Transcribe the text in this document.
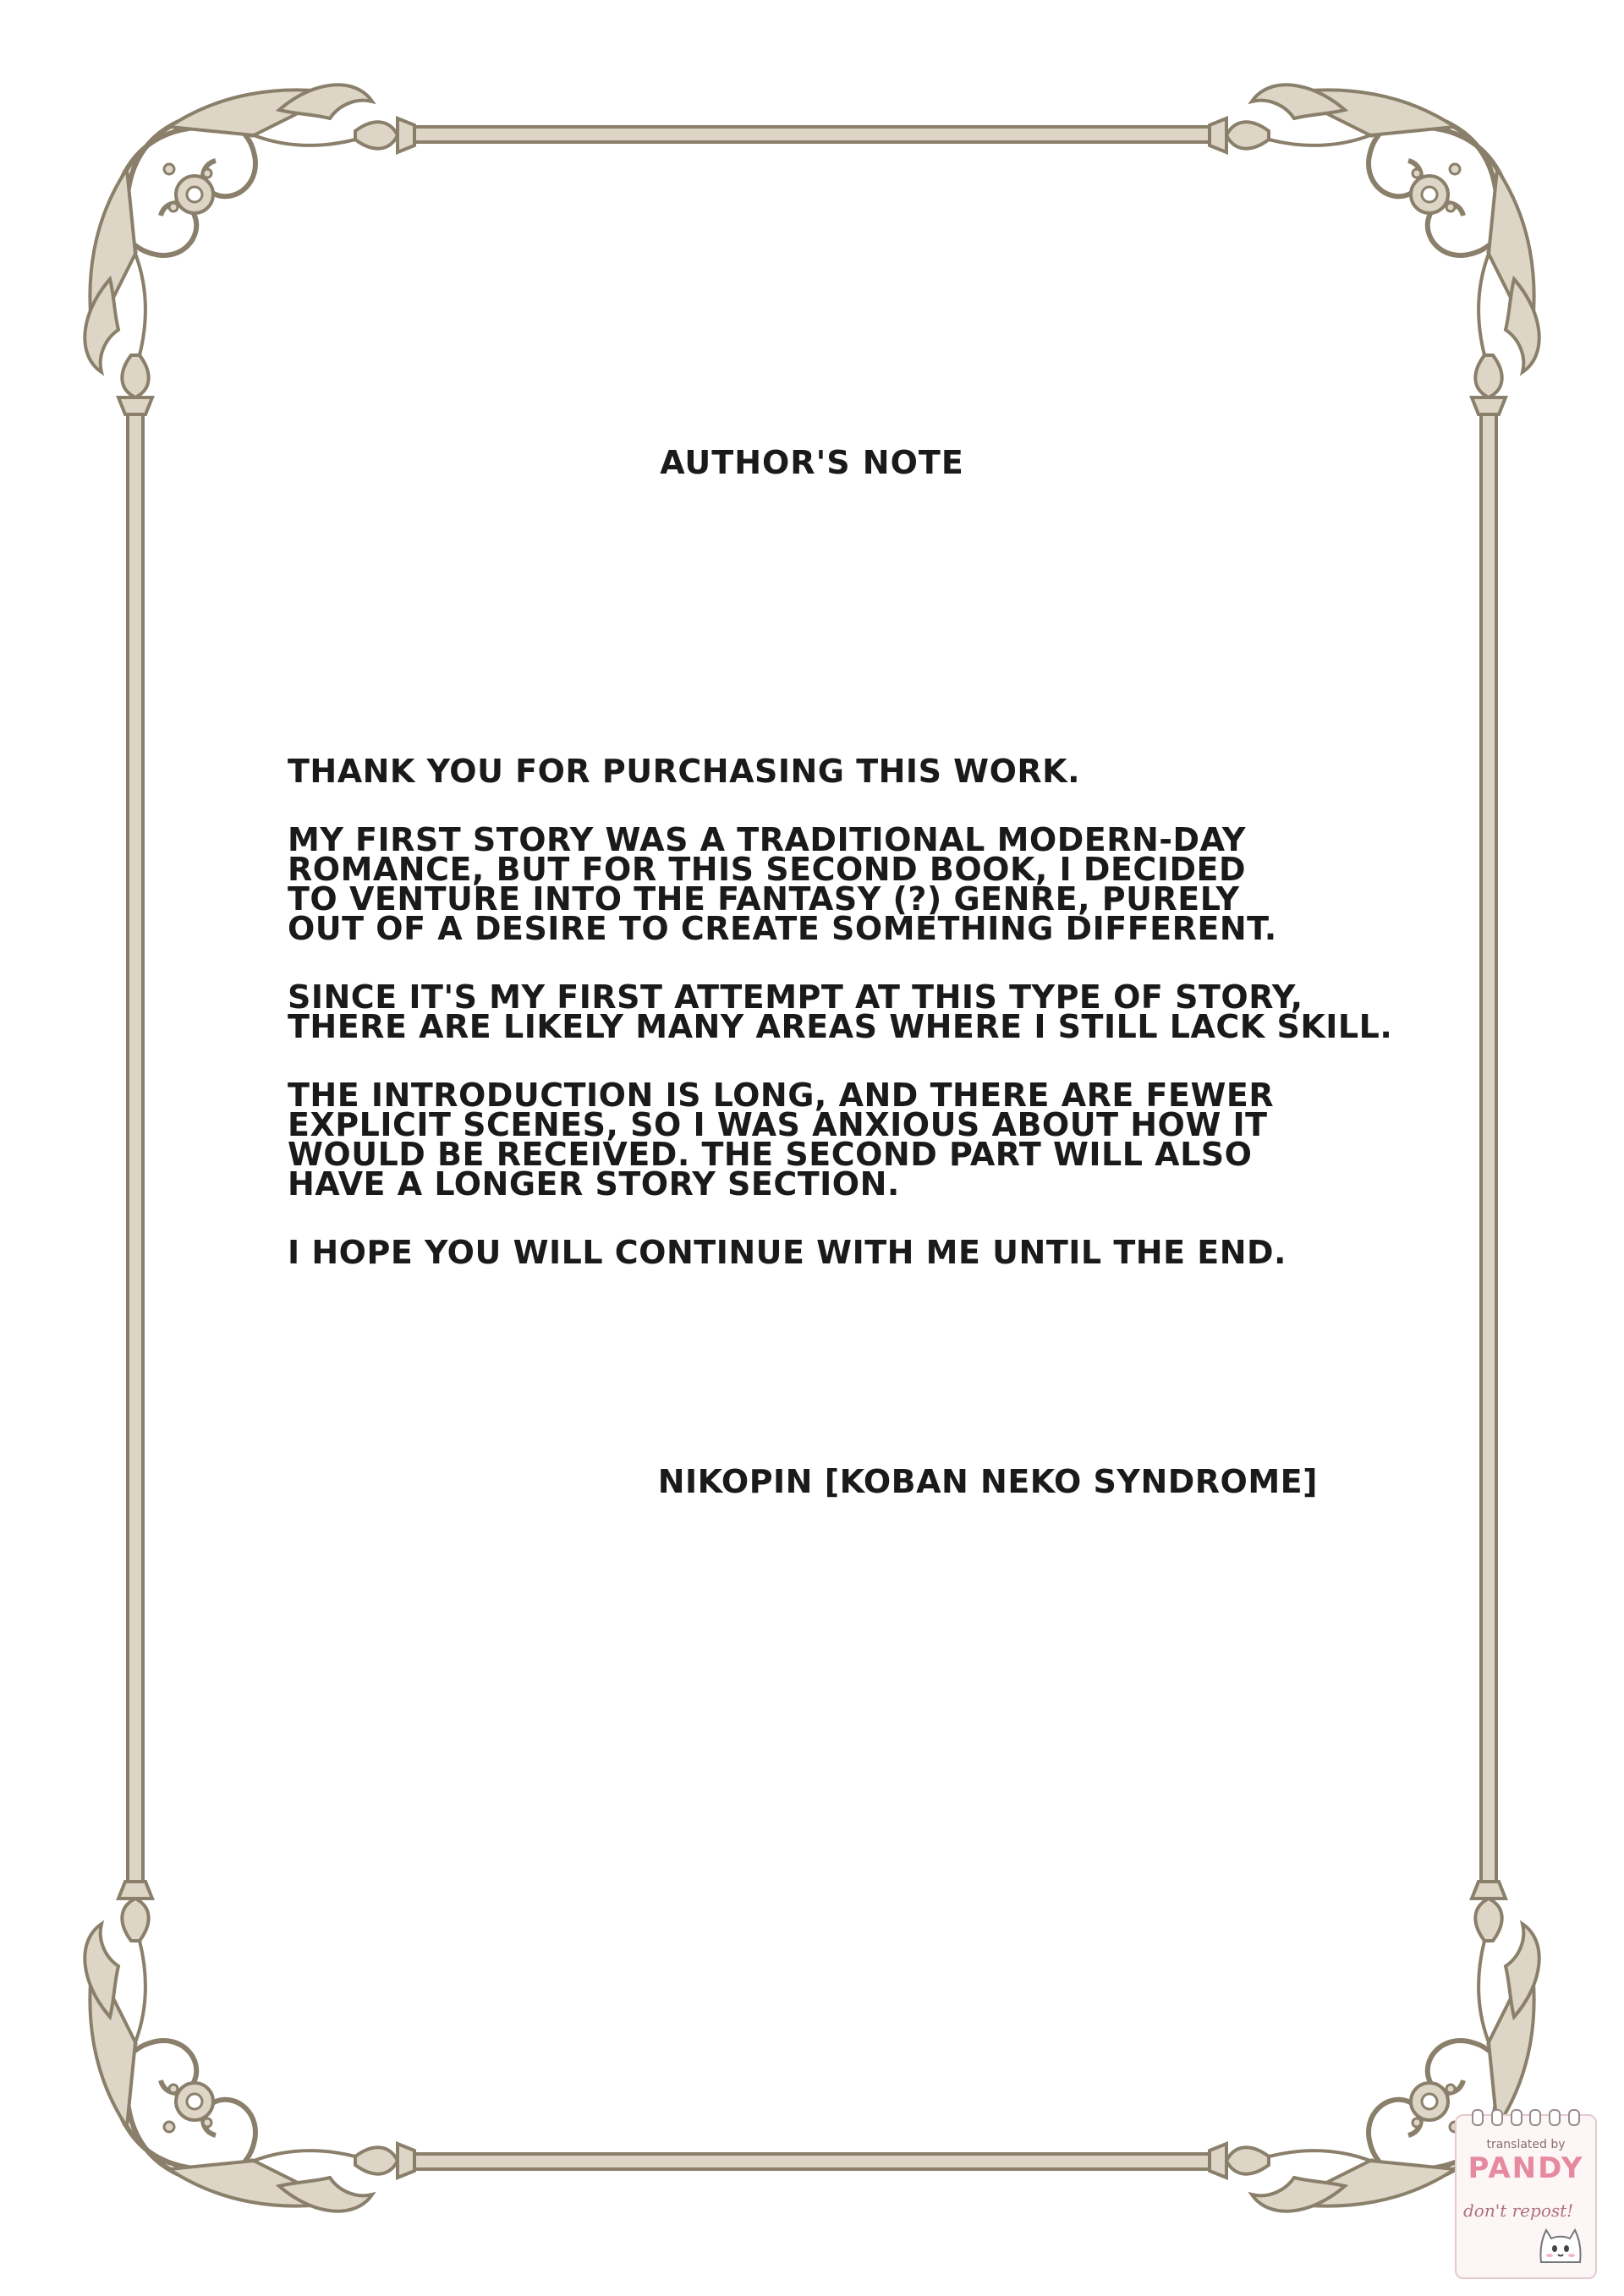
AUTHOR'S NOTE
THANK YOU FOR PURCHASING THIS WORK.
MY FIRST STORY WAS A TRADITIONAL MODERN-DAY
ROMANCE, BUT FOR THIS SECOND BOOK, I DECIDED
TO VENTURE INTO THE FANTASY (?) GENRE, PURELY
OUT OF A DESIRE TO CREATE SOMETHING DIFFERENT.
SINCE IT'S MY FIRST ATTEMPT AT THIS TYPE OF STORY,
THERE ARE LIKELY MANY AREAS WHERE I STILL LACK SKILL.
THE INTRODUCTION IS LONG, AND THERE ARE FEWER
EXPLICIT SCENES, SO I WAS ANXIOUS ABOUT HOW IT
WOULD BE RECEIVED. THE SECOND PART WILL ALSO
HAVE A LONGER STORY SECTION.
I HOPE YOU WILL CONTINUE WITH ME UNTIL THE END.
NIKOPIN [KOBAN NEKO SYNDROME]
translated by
PANDY
don't repost!
